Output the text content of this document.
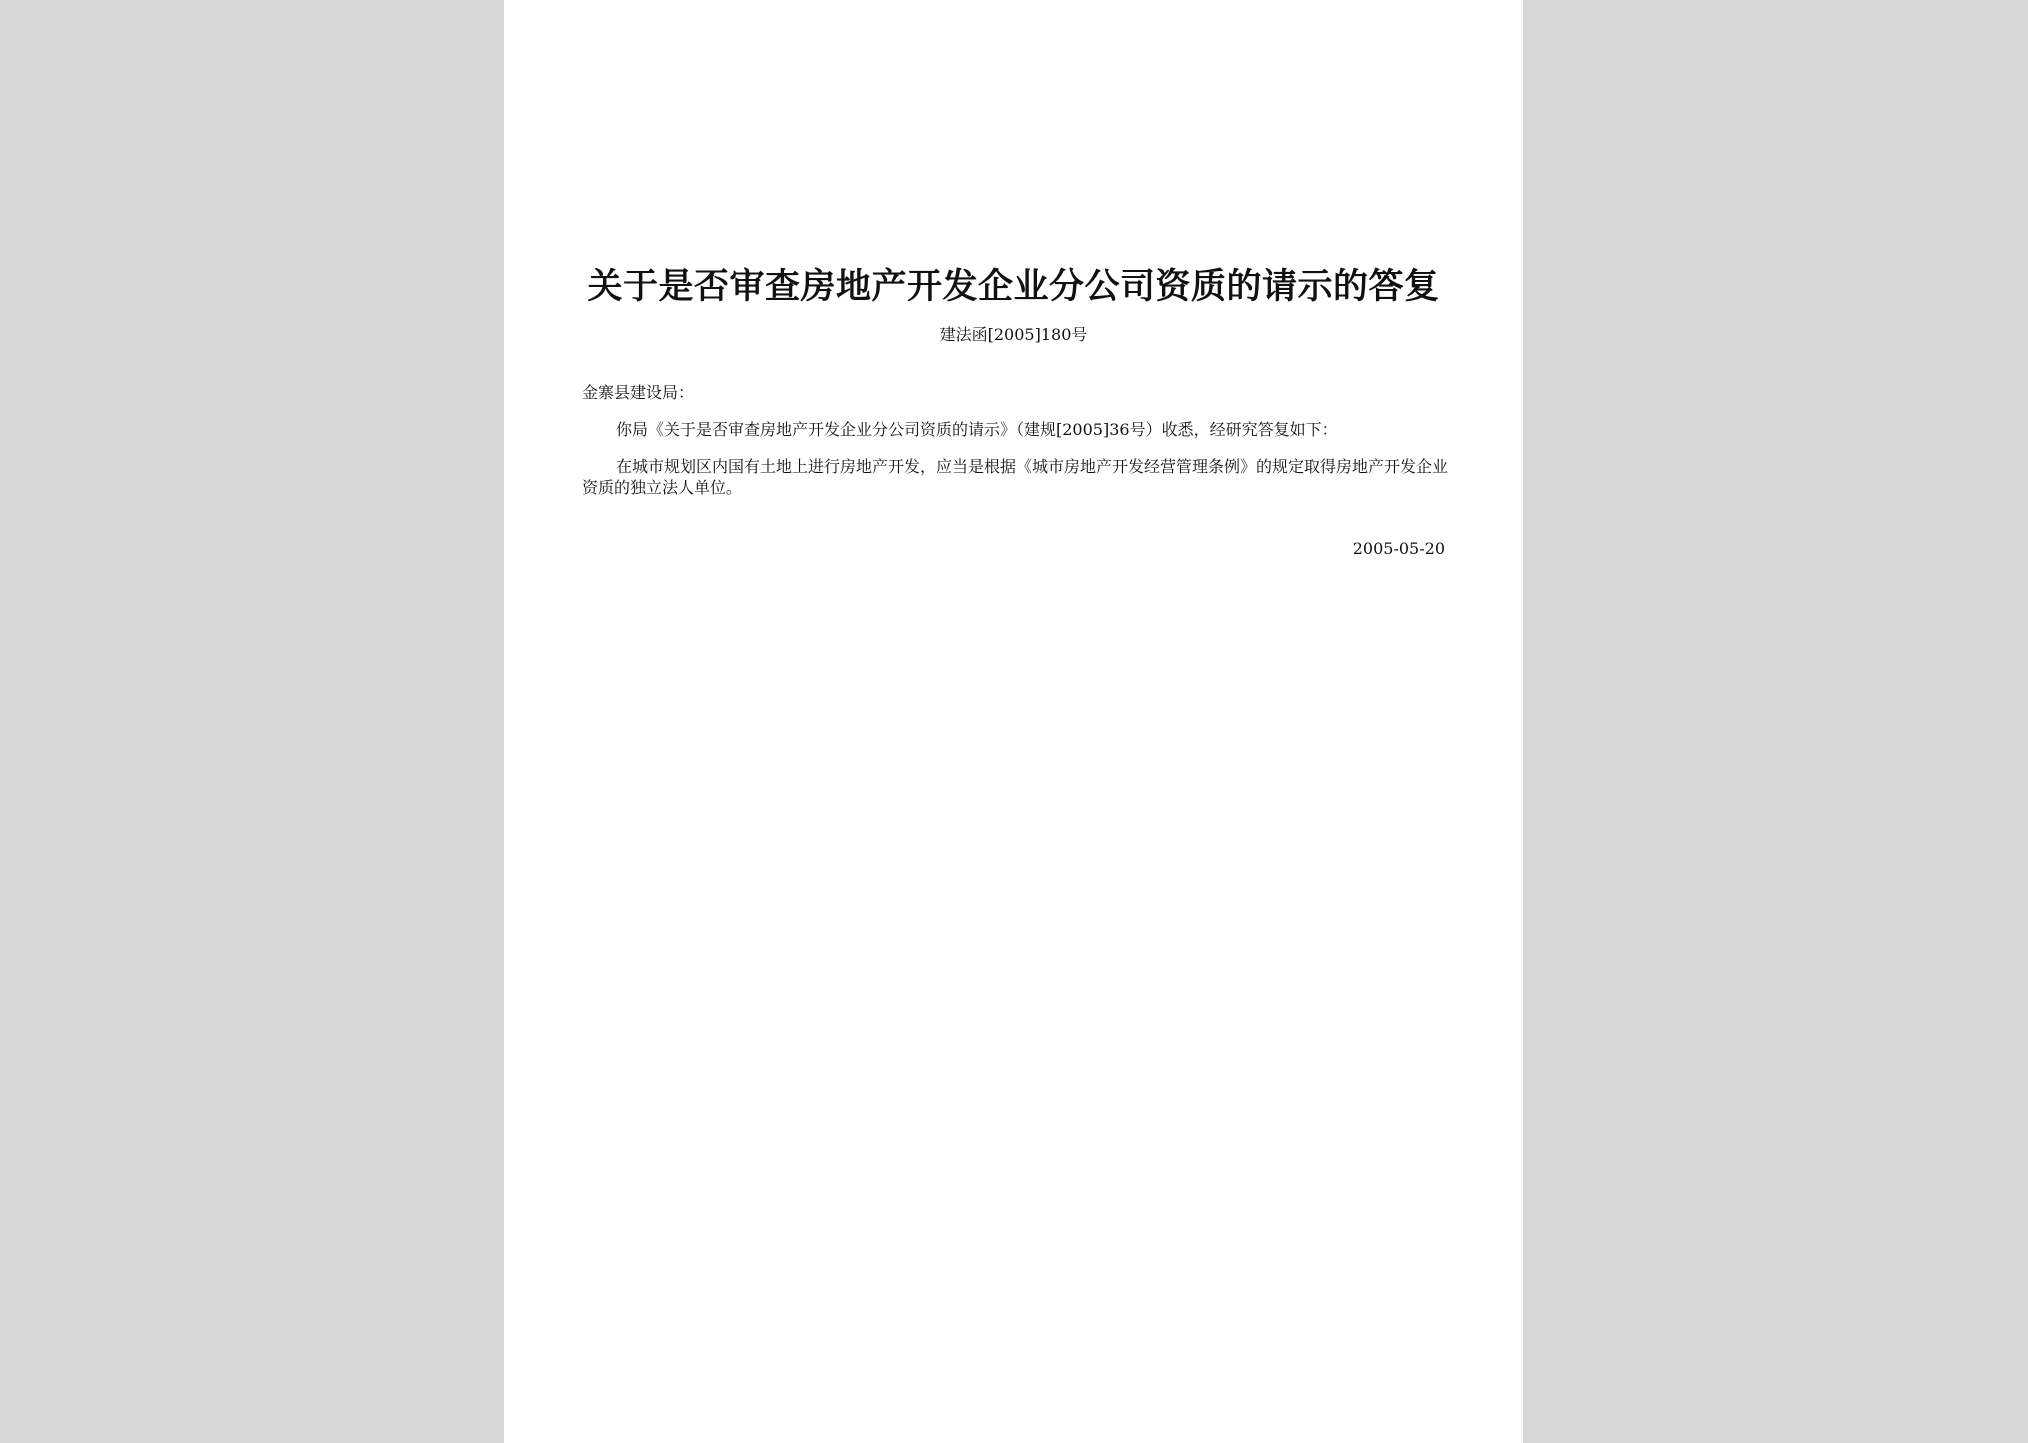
关于是否审查房地产开发企业分公司资质的请示的答复
建法函[2005]180号
金寨县建设局：
你局《关于是否审查房地产开发企业分公司资质的请示》（建规[2005]36号）收悉，经研究答复如下：
在城市规划区内国有土地上进行房地产开发，应当是根据《城市房地产开发经营管理条例》的规定取得房地产开发企业资质的独立法人单位。
2005-05-20
